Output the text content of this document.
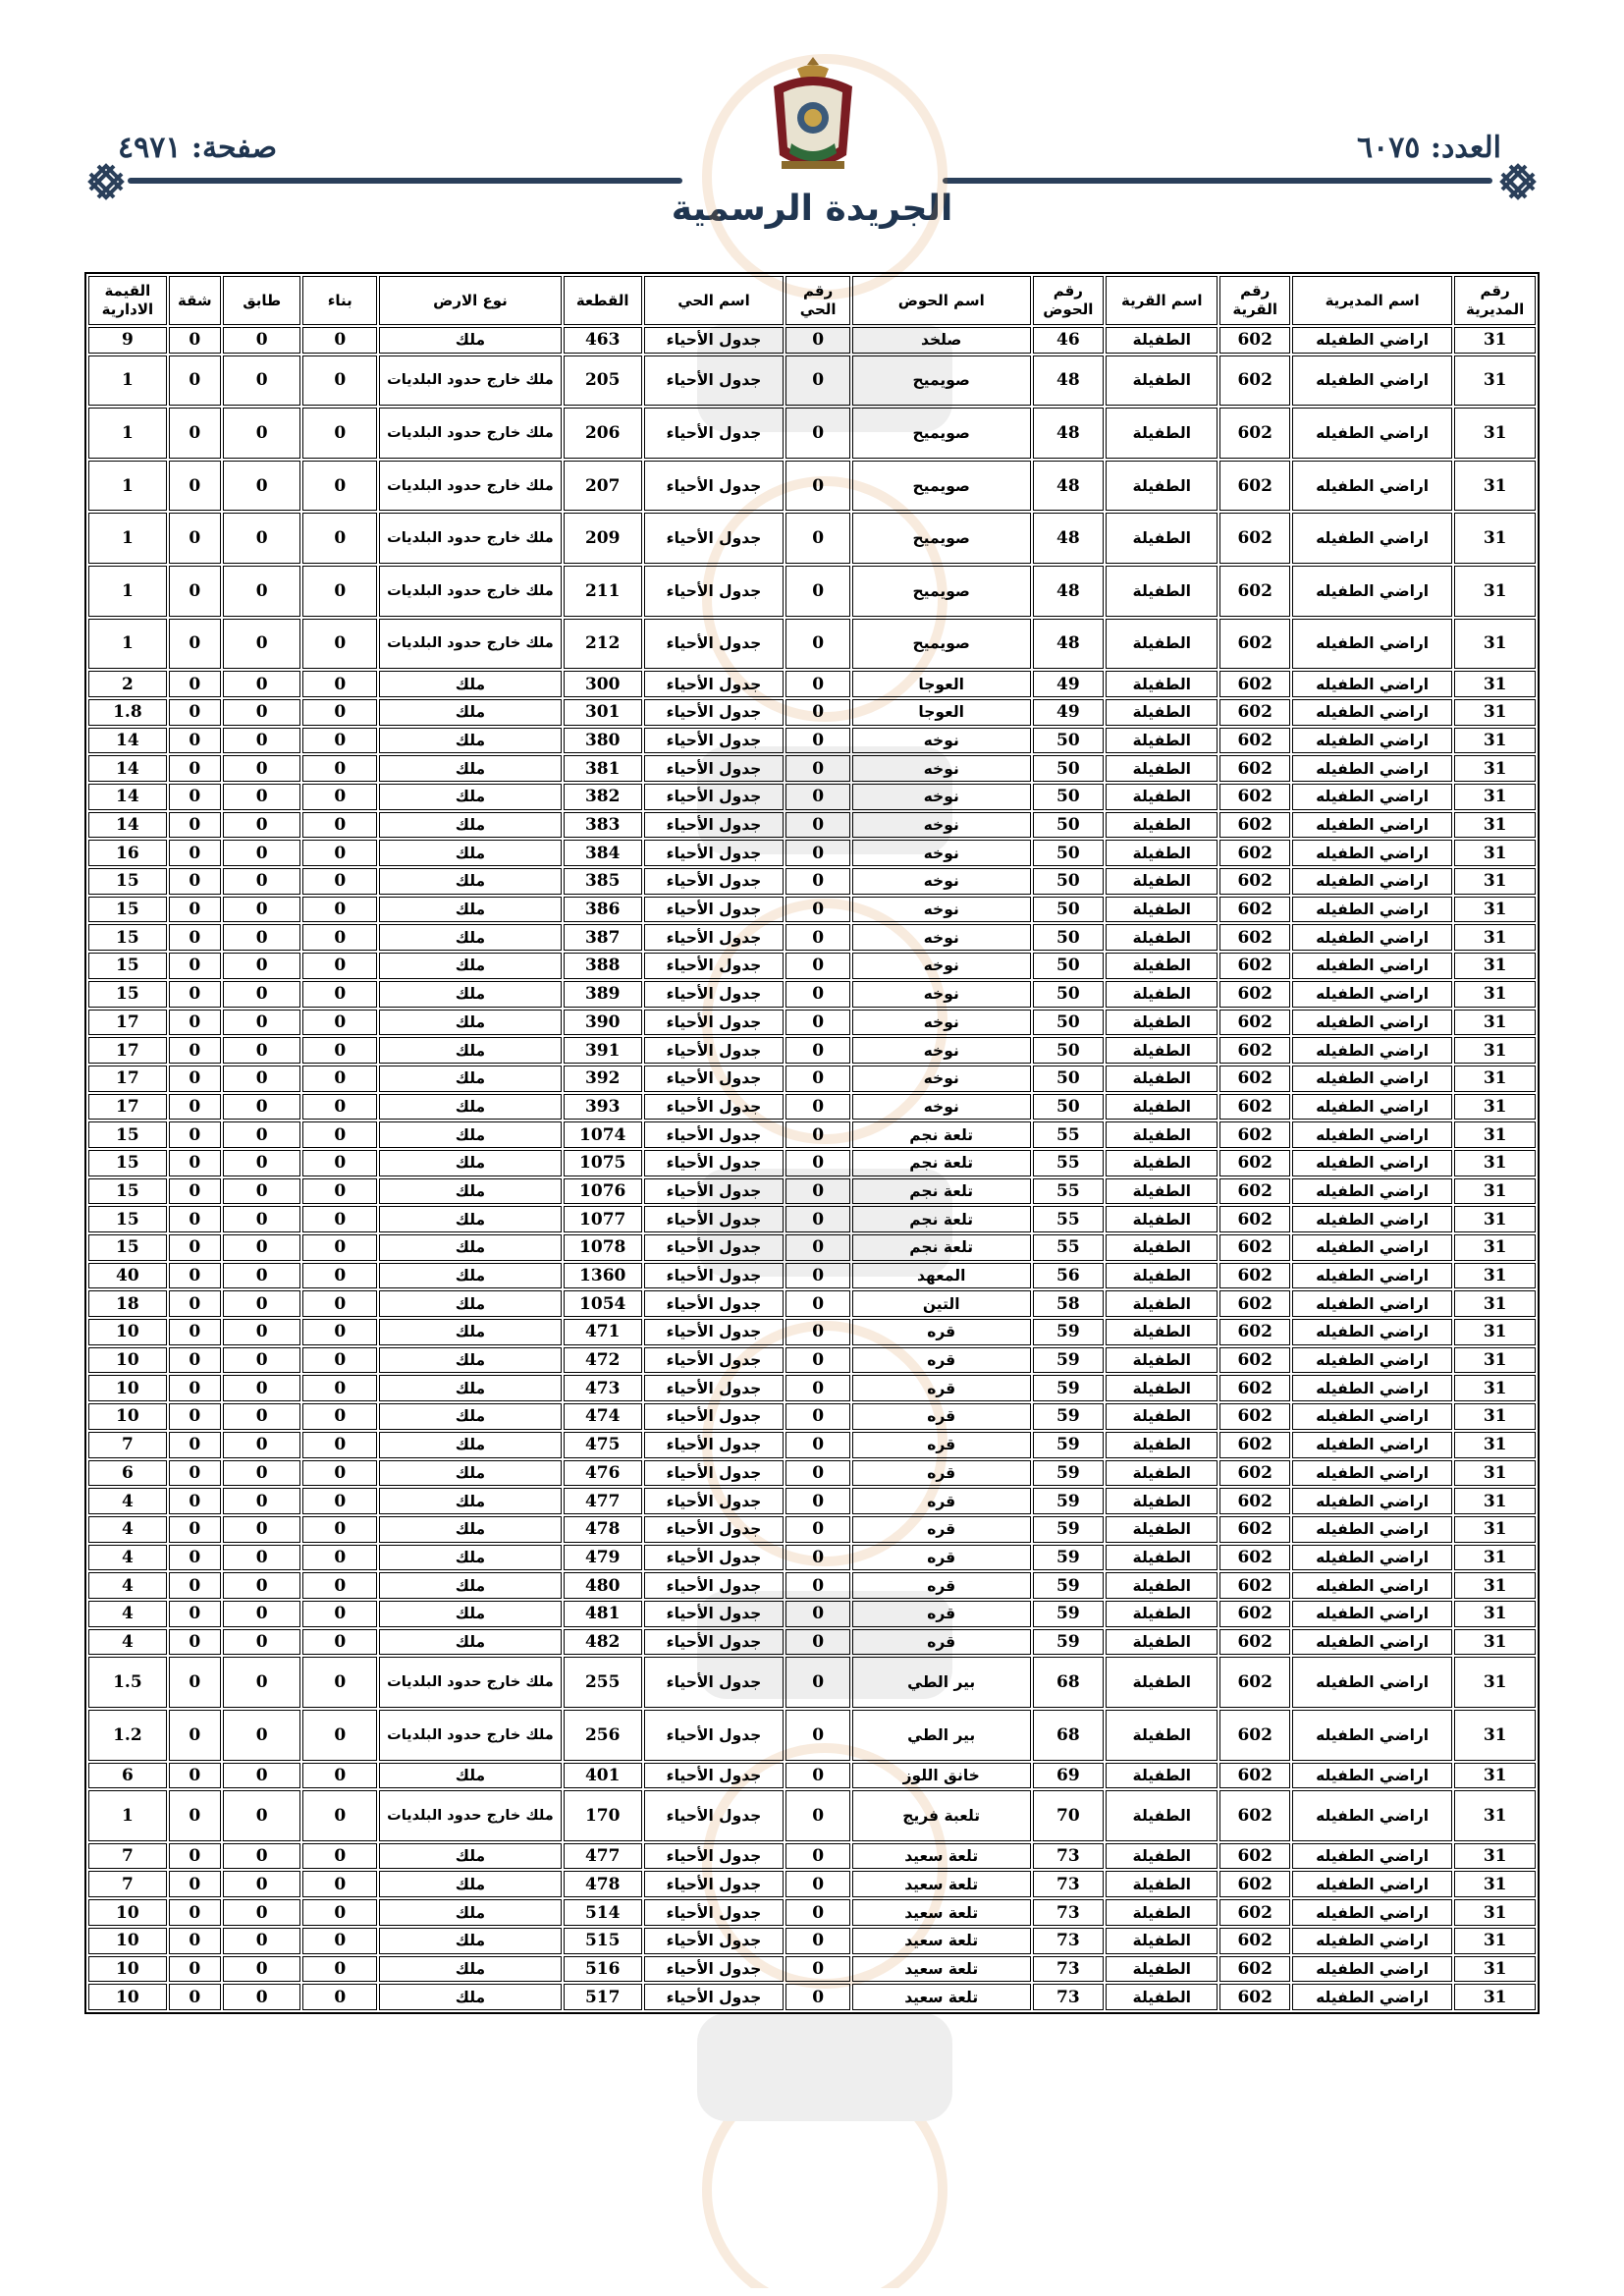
العدد: ٦٠٧٥
صفحة: ٤٩٧١
الجريدة الرسمية
رقم المديرية	اسم المديرية	رقم القرية	اسم القرية	رقم الحوض	اسم الحوض	رقم الحي	اسم الحي	القطعة	نوع الارض	بناء	طابق	شقة	القيمة الادارية
31	اراضي الطفيله	602	الطفيلة	46	صلخد	0	جدول الأحياء	463	ملك	0	0	0	9
31	اراضي الطفيله	602	الطفيلة	48	صويميح	0	جدول الأحياء	205	ملك خارج حدود البلديات	0	0	0	1
31	اراضي الطفيله	602	الطفيلة	48	صويميح	0	جدول الأحياء	206	ملك خارج حدود البلديات	0	0	0	1
31	اراضي الطفيله	602	الطفيلة	48	صويميح	0	جدول الأحياء	207	ملك خارج حدود البلديات	0	0	0	1
31	اراضي الطفيله	602	الطفيلة	48	صويميح	0	جدول الأحياء	209	ملك خارج حدود البلديات	0	0	0	1
31	اراضي الطفيله	602	الطفيلة	48	صويميح	0	جدول الأحياء	211	ملك خارج حدود البلديات	0	0	0	1
31	اراضي الطفيله	602	الطفيلة	48	صويميح	0	جدول الأحياء	212	ملك خارج حدود البلديات	0	0	0	1
31	اراضي الطفيله	602	الطفيلة	49	العوجا	0	جدول الأحياء	300	ملك	0	0	0	2
31	اراضي الطفيله	602	الطفيلة	49	العوجا	0	جدول الأحياء	301	ملك	0	0	0	1.8
31	اراضي الطفيله	602	الطفيلة	50	نوخه	0	جدول الأحياء	380	ملك	0	0	0	14
31	اراضي الطفيله	602	الطفيلة	50	نوخه	0	جدول الأحياء	381	ملك	0	0	0	14
31	اراضي الطفيله	602	الطفيلة	50	نوخه	0	جدول الأحياء	382	ملك	0	0	0	14
31	اراضي الطفيله	602	الطفيلة	50	نوخه	0	جدول الأحياء	383	ملك	0	0	0	14
31	اراضي الطفيله	602	الطفيلة	50	نوخه	0	جدول الأحياء	384	ملك	0	0	0	16
31	اراضي الطفيله	602	الطفيلة	50	نوخه	0	جدول الأحياء	385	ملك	0	0	0	15
31	اراضي الطفيله	602	الطفيلة	50	نوخه	0	جدول الأحياء	386	ملك	0	0	0	15
31	اراضي الطفيله	602	الطفيلة	50	نوخه	0	جدول الأحياء	387	ملك	0	0	0	15
31	اراضي الطفيله	602	الطفيلة	50	نوخه	0	جدول الأحياء	388	ملك	0	0	0	15
31	اراضي الطفيله	602	الطفيلة	50	نوخه	0	جدول الأحياء	389	ملك	0	0	0	15
31	اراضي الطفيله	602	الطفيلة	50	نوخه	0	جدول الأحياء	390	ملك	0	0	0	17
31	اراضي الطفيله	602	الطفيلة	50	نوخه	0	جدول الأحياء	391	ملك	0	0	0	17
31	اراضي الطفيله	602	الطفيلة	50	نوخه	0	جدول الأحياء	392	ملك	0	0	0	17
31	اراضي الطفيله	602	الطفيلة	50	نوخه	0	جدول الأحياء	393	ملك	0	0	0	17
31	اراضي الطفيله	602	الطفيلة	55	تلعة نجم	0	جدول الأحياء	1074	ملك	0	0	0	15
31	اراضي الطفيله	602	الطفيلة	55	تلعة نجم	0	جدول الأحياء	1075	ملك	0	0	0	15
31	اراضي الطفيله	602	الطفيلة	55	تلعة نجم	0	جدول الأحياء	1076	ملك	0	0	0	15
31	اراضي الطفيله	602	الطفيلة	55	تلعة نجم	0	جدول الأحياء	1077	ملك	0	0	0	15
31	اراضي الطفيله	602	الطفيلة	55	تلعة نجم	0	جدول الأحياء	1078	ملك	0	0	0	15
31	اراضي الطفيله	602	الطفيلة	56	المعهد	0	جدول الأحياء	1360	ملك	0	0	0	40
31	اراضي الطفيله	602	الطفيلة	58	التين	0	جدول الأحياء	1054	ملك	0	0	0	18
31	اراضي الطفيله	602	الطفيلة	59	قره	0	جدول الأحياء	471	ملك	0	0	0	10
31	اراضي الطفيله	602	الطفيلة	59	قره	0	جدول الأحياء	472	ملك	0	0	0	10
31	اراضي الطفيله	602	الطفيلة	59	قره	0	جدول الأحياء	473	ملك	0	0	0	10
31	اراضي الطفيله	602	الطفيلة	59	قره	0	جدول الأحياء	474	ملك	0	0	0	10
31	اراضي الطفيله	602	الطفيلة	59	قره	0	جدول الأحياء	475	ملك	0	0	0	7
31	اراضي الطفيله	602	الطفيلة	59	قره	0	جدول الأحياء	476	ملك	0	0	0	6
31	اراضي الطفيله	602	الطفيلة	59	قره	0	جدول الأحياء	477	ملك	0	0	0	4
31	اراضي الطفيله	602	الطفيلة	59	قره	0	جدول الأحياء	478	ملك	0	0	0	4
31	اراضي الطفيله	602	الطفيلة	59	قره	0	جدول الأحياء	479	ملك	0	0	0	4
31	اراضي الطفيله	602	الطفيلة	59	قره	0	جدول الأحياء	480	ملك	0	0	0	4
31	اراضي الطفيله	602	الطفيلة	59	قره	0	جدول الأحياء	481	ملك	0	0	0	4
31	اراضي الطفيله	602	الطفيلة	59	قره	0	جدول الأحياء	482	ملك	0	0	0	4
31	اراضي الطفيله	602	الطفيلة	68	بير الطي	0	جدول الأحياء	255	ملك خارج حدود البلديات	0	0	0	1.5
31	اراضي الطفيله	602	الطفيلة	68	بير الطي	0	جدول الأحياء	256	ملك خارج حدود البلديات	0	0	0	1.2
31	اراضي الطفيله	602	الطفيلة	69	خانق اللوز	0	جدول الأحياء	401	ملك	0	0	0	6
31	اراضي الطفيله	602	الطفيلة	70	تلعبة فريج	0	جدول الأحياء	170	ملك خارج حدود البلديات	0	0	0	1
31	اراضي الطفيله	602	الطفيلة	73	تلعة سعيد	0	جدول الأحياء	477	ملك	0	0	0	7
31	اراضي الطفيله	602	الطفيلة	73	تلعة سعيد	0	جدول الأحياء	478	ملك	0	0	0	7
31	اراضي الطفيله	602	الطفيلة	73	تلعة سعيد	0	جدول الأحياء	514	ملك	0	0	0	10
31	اراضي الطفيله	602	الطفيلة	73	تلعة سعيد	0	جدول الأحياء	515	ملك	0	0	0	10
31	اراضي الطفيله	602	الطفيلة	73	تلعة سعيد	0	جدول الأحياء	516	ملك	0	0	0	10
31	اراضي الطفيله	602	الطفيلة	73	تلعة سعيد	0	جدول الأحياء	517	ملك	0	0	0	10
